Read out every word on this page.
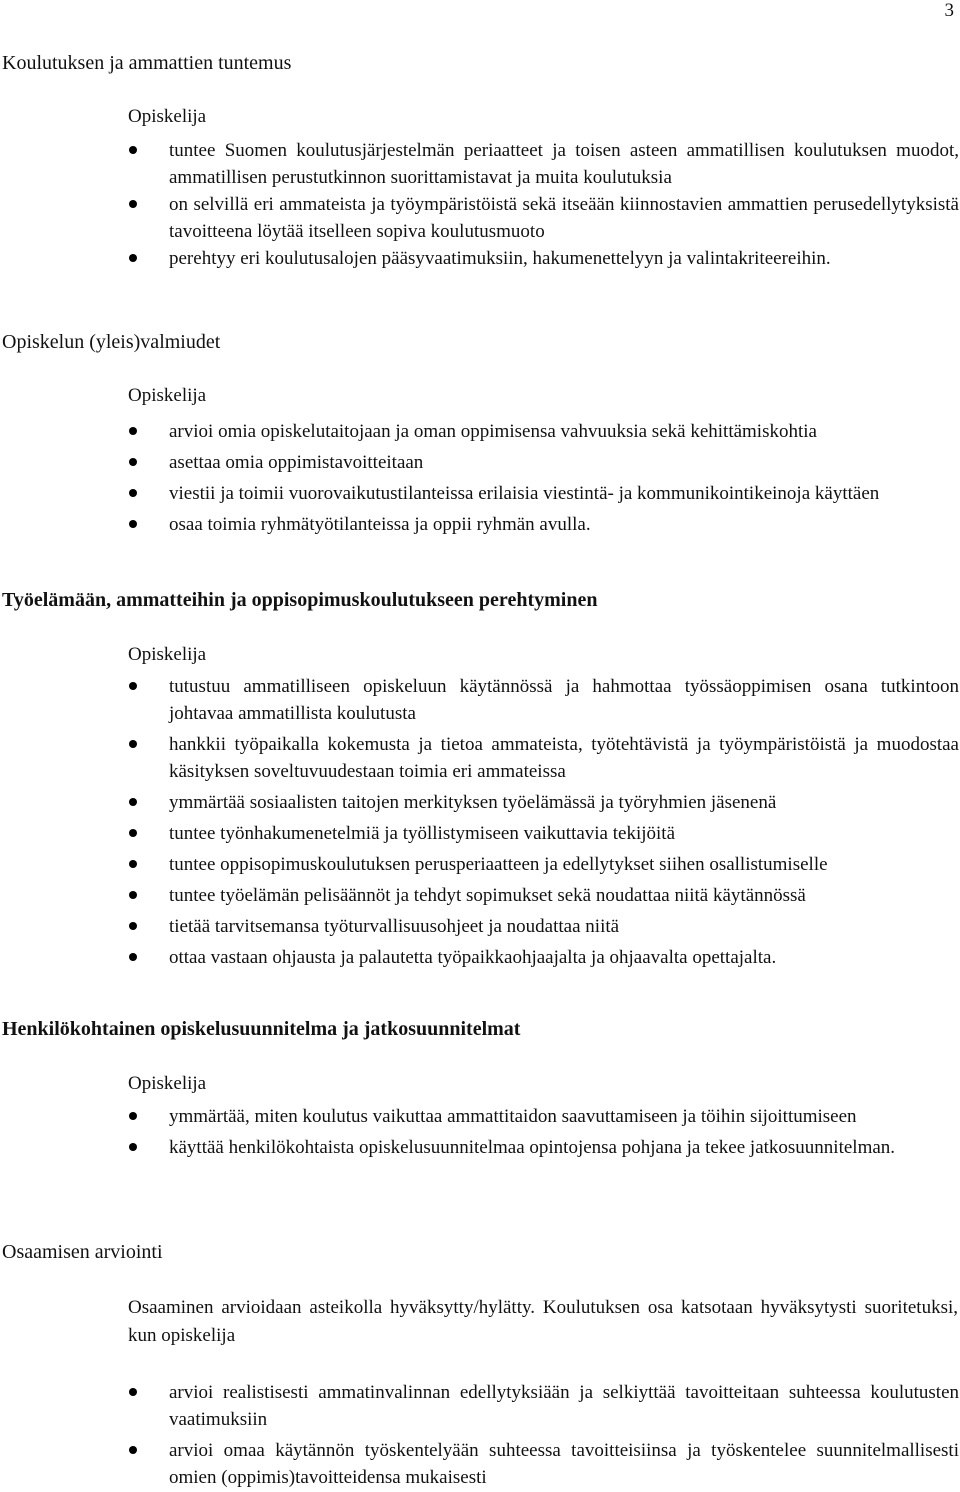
3
Koulutuksen ja ammattien tuntemus
Opiskelija
tuntee Suomen koulutusjärjestelmän periaatteet ja toisen asteen ammatillisen koulutuksen muodot, ammatillisen perustutkinnon suorittamistavat ja muita koulutuksia
on selvillä eri ammateista ja työympäristöistä sekä itseään kiinnostavien ammattien perusedellytyksistä tavoitteena löytää itselleen sopiva koulutusmuoto
perehtyy eri koulutusalojen pääsyvaatimuksiin, hakumenettelyyn ja valintakriteereihin.
Opiskelun (yleis)valmiudet
Opiskelija
arvioi omia opiskelutaitojaan ja oman oppimisensa vahvuuksia sekä kehittämiskohtia
asettaa omia oppimistavoitteitaan
viestii ja toimii vuorovaikutustilanteissa erilaisia viestintä- ja kommunikointikeinoja käyttäen
osaa toimia ryhmätyötilanteissa ja oppii ryhmän avulla.
Työelämään, ammatteihin ja oppisopimuskoulutukseen perehtyminen
Opiskelija
tutustuu ammatilliseen opiskeluun käytännössä ja hahmottaa työssäoppimisen osana tutkintoon johtavaa ammatillista koulutusta
hankkii työpaikalla kokemusta ja tietoa ammateista, työtehtävistä ja työympäristöistä ja muodostaa käsityksen soveltuvuudestaan toimia eri ammateissa
ymmärtää sosiaalisten taitojen merkityksen työelämässä ja työryhmien jäsenenä
tuntee työnhakumenetelmiä ja työllistymiseen vaikuttavia tekijöitä
tuntee oppisopimuskoulutuksen perusperiaatteen ja edellytykset siihen osallistumiselle
tuntee työelämän pelisäännöt ja tehdyt sopimukset sekä noudattaa niitä käytännössä
tietää tarvitsemansa työturvallisuusohjeet ja noudattaa niitä
ottaa vastaan ohjausta ja palautetta työpaikkaohjaajalta ja ohjaavalta opettajalta.
Henkilökohtainen opiskelusuunnitelma ja jatkosuunnitelmat
Opiskelija
ymmärtää, miten koulutus vaikuttaa ammattitaidon saavuttamiseen ja töihin sijoittumiseen
käyttää henkilökohtaista opiskelusuunnitelmaa opintojensa pohjana ja tekee jatkosuunnitelman.
Osaamisen arviointi
Osaaminen arvioidaan asteikolla hyväksytty/hylätty. Koulutuksen osa katsotaan hyväksytysti suoritetuksi, kun opiskelija
arvioi realistisesti ammatinvalinnan edellytyksiään ja selkiyttää tavoitteitaan suhteessa koulutusten vaatimuksiin
arvioi omaa käytännön työskentelyään suhteessa tavoitteisiinsa ja työskentelee suunnitelmallisesti omien (oppimis)tavoitteidensa mukaisesti
